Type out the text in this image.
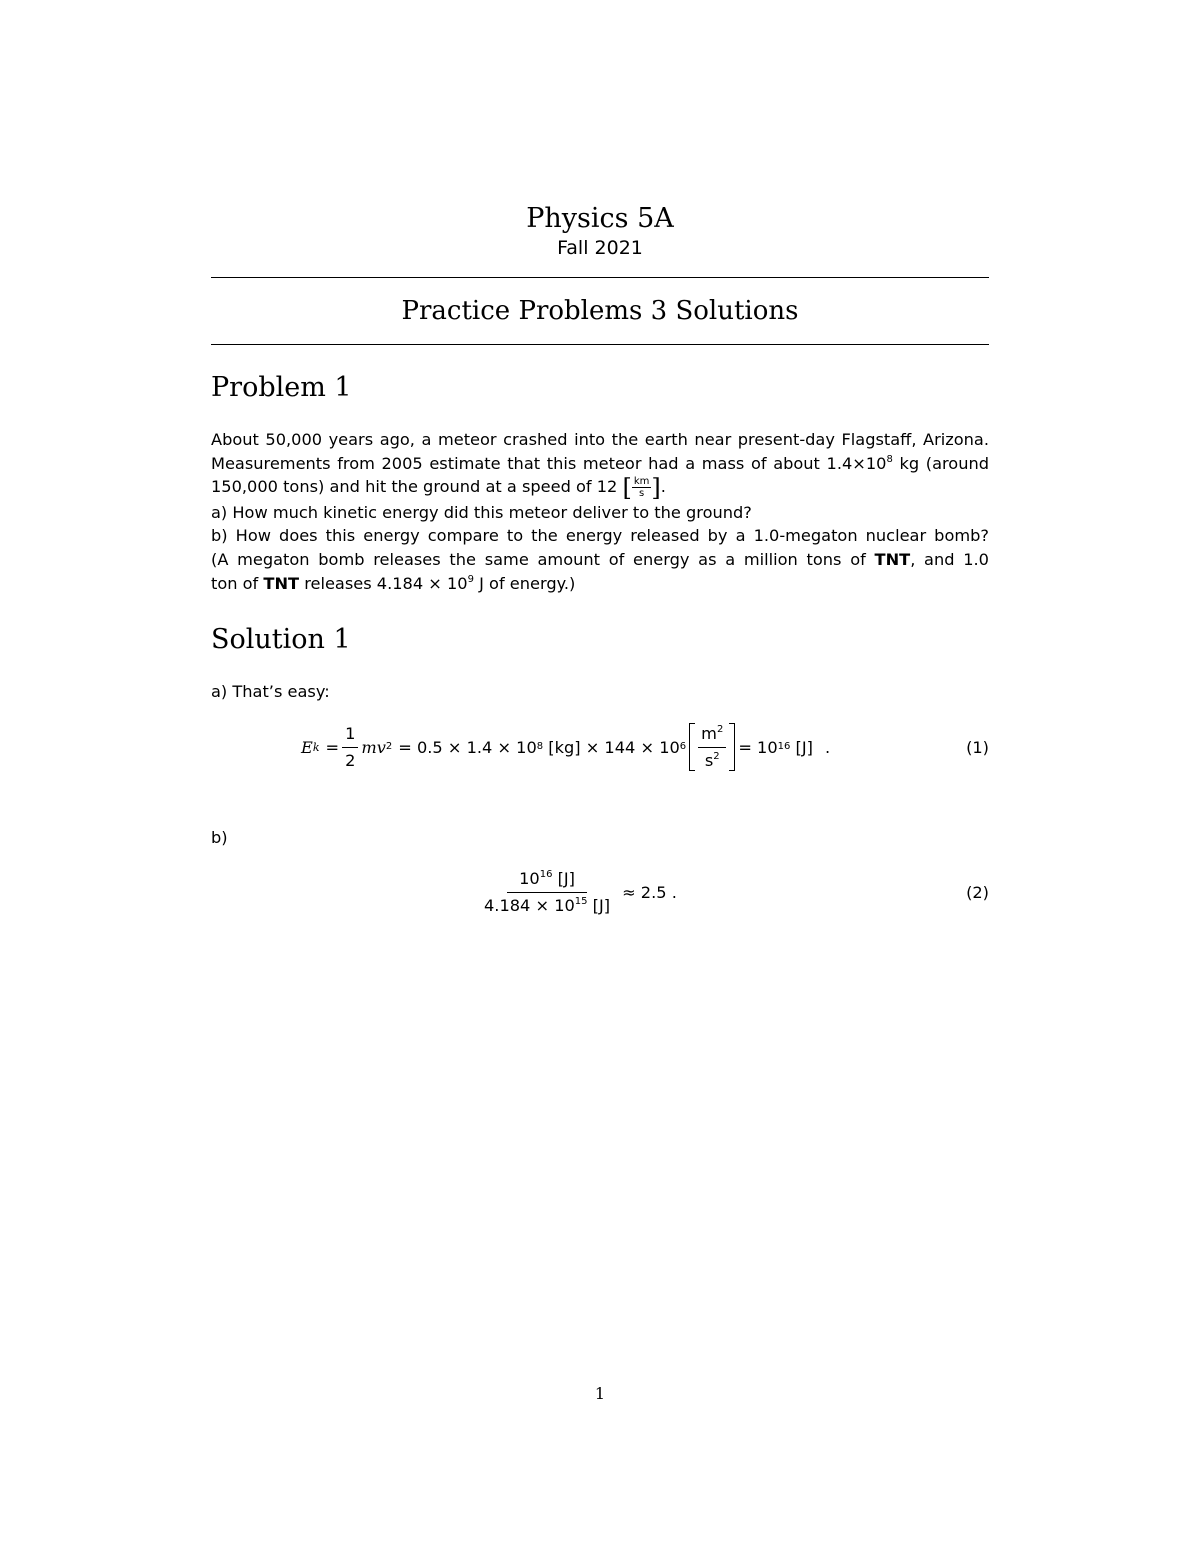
Physics 5A
Fall 2021
Practice Problems 3 Solutions
Problem 1
About 50,000 years ago, a meteor crashed into the earth near present-day Flagstaff, Arizona.
Measurements from 2005 estimate that this meteor had a mass of about $1.4\times 10^8$ kg (around
150,000 tons) and hit the ground at a speed of 12 [ $\frac{km}{s}$ ].
a) How much kinetic energy did this meteor deliver to the ground?
b) How does this energy compare to the energy released by a 1.0-megaton nuclear bomb?
(A megaton bomb releases the same amount of energy as a million tons of TNT, and 1.0
ton of TNT releases $4.184 \times 10^9$ J of energy.)
Solution 1
a) That’s easy:
E $k = \frac{1}{2}$ mv 2 = 0.5 × 1.4 × 10 8 [kg] × 144 × 10 $6 \frac{m^2}{s^2} = 10$ 16 [J] .	(1)
b)
$\frac{10^{16} [J]}{4.184 \times 10^{15} [J]} \approx 2.5$ .	(2)
1
